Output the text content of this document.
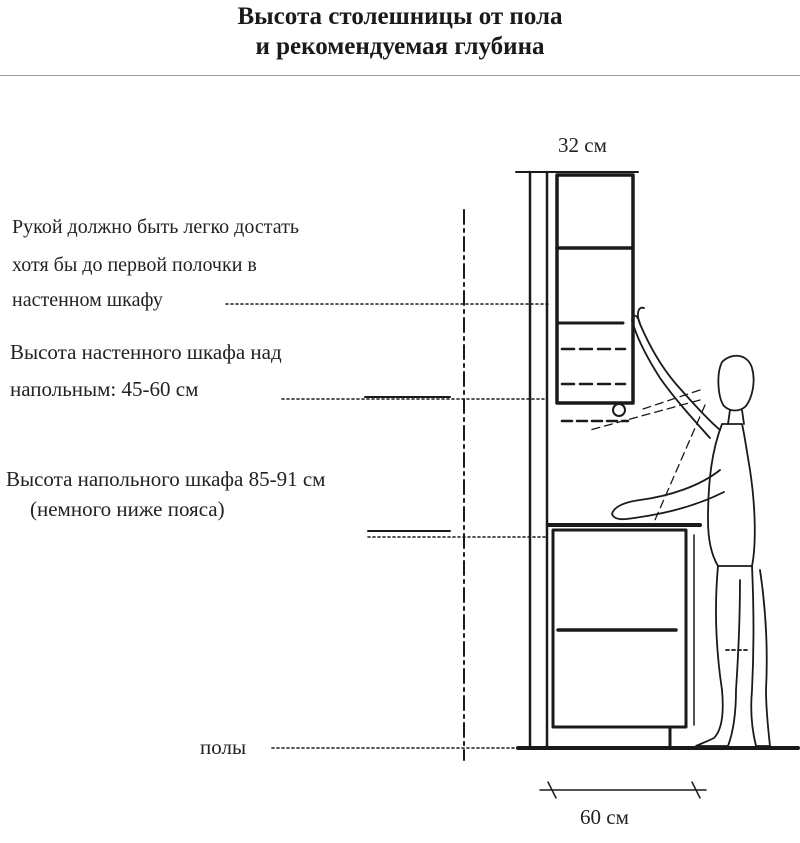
Высота столешницы от пола
и рекомендуемая глубина
Рукой должно быть легко достать
хотя бы до первой полочки в
настенном шкафу
Высота настенного шкафа над
напольным: 45-60 см
Высота напольного шкафа 85-91 см
(немного ниже пояса)
полы
32 см
60 см
